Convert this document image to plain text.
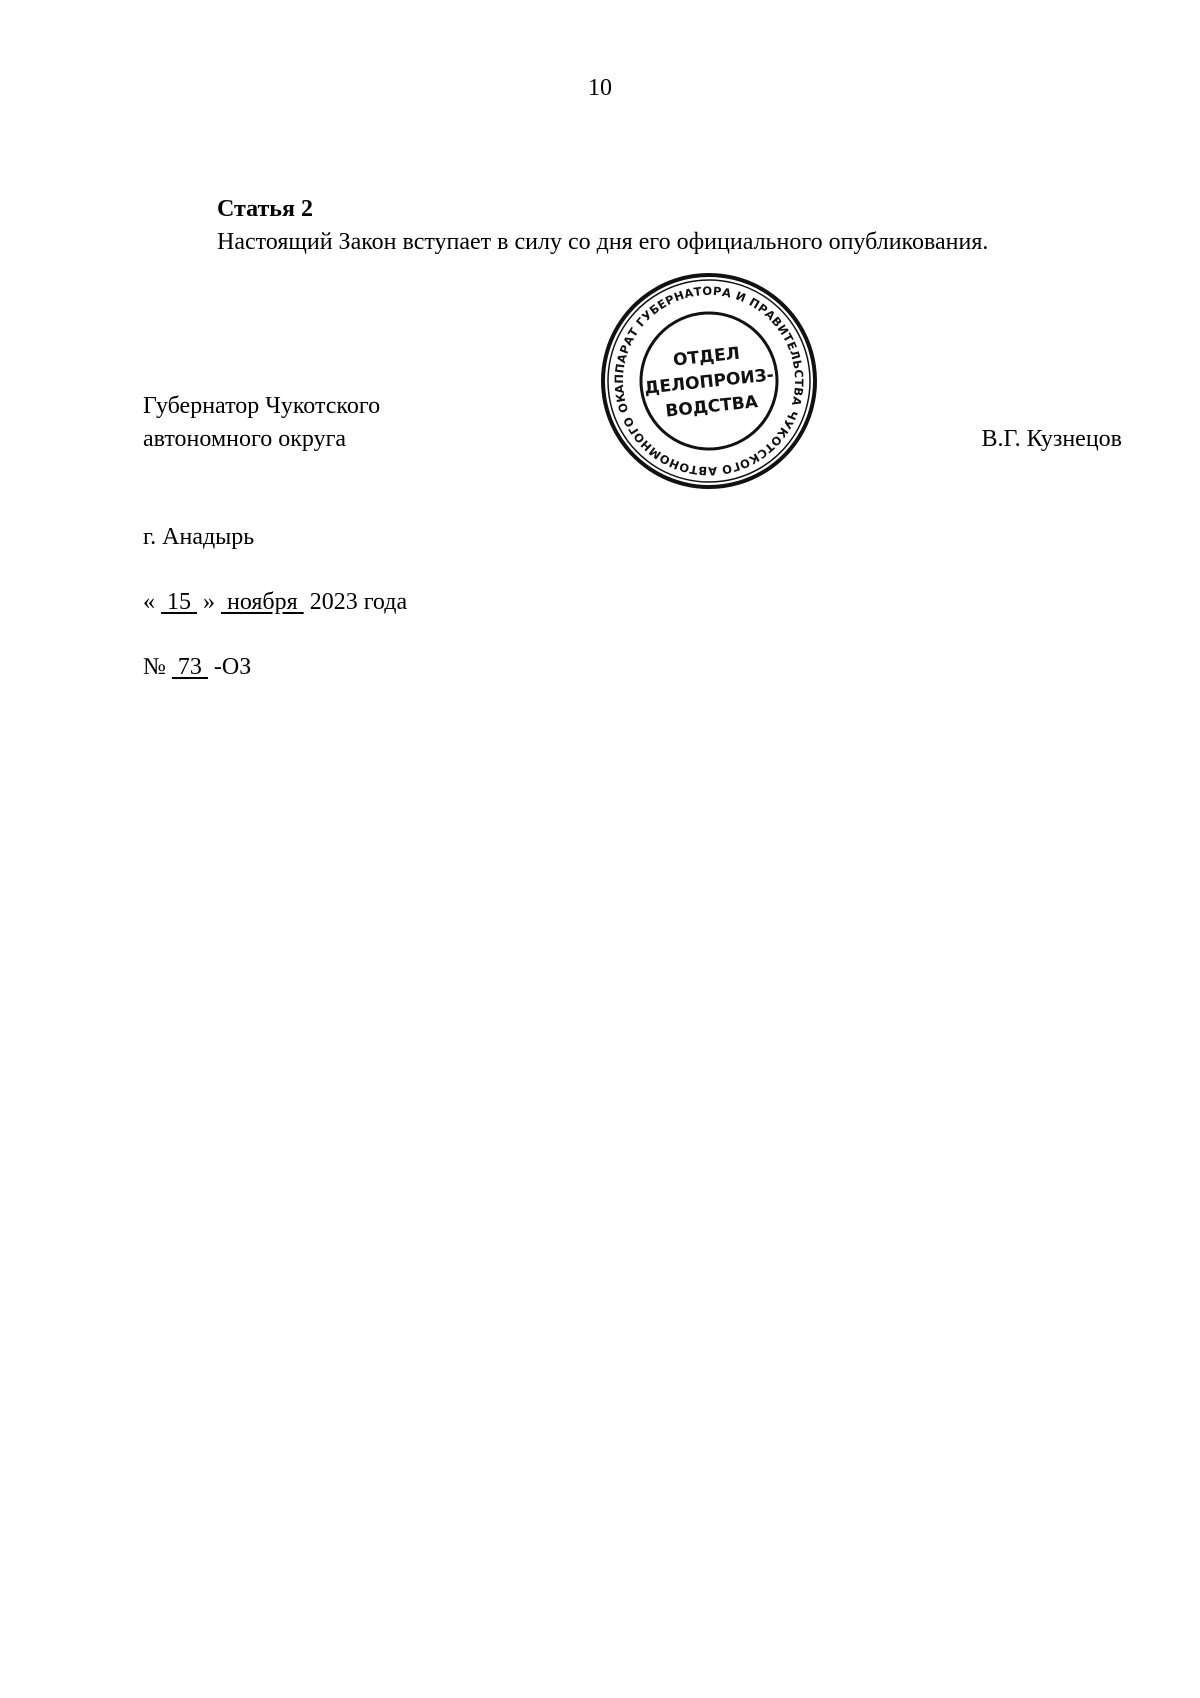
10
Статья 2

Настоящий Закон вступает в силу со дня его официального опубликования.

Губернатор Чукотского
автономного округа
АППАРАТ ГУБЕРНАТОРА И ПРАВИТЕЛЬСТВА ЧУКОТСКОГО АВТОНОМНОГО ОКРУГА
ОТДЕЛ
ДЕЛОПРОИЗ-
ВОДСТВА
В.Г. Кузнецов
г. Анадырь
« 15 » ноября 2023 года
№ 73 -ОЗ
